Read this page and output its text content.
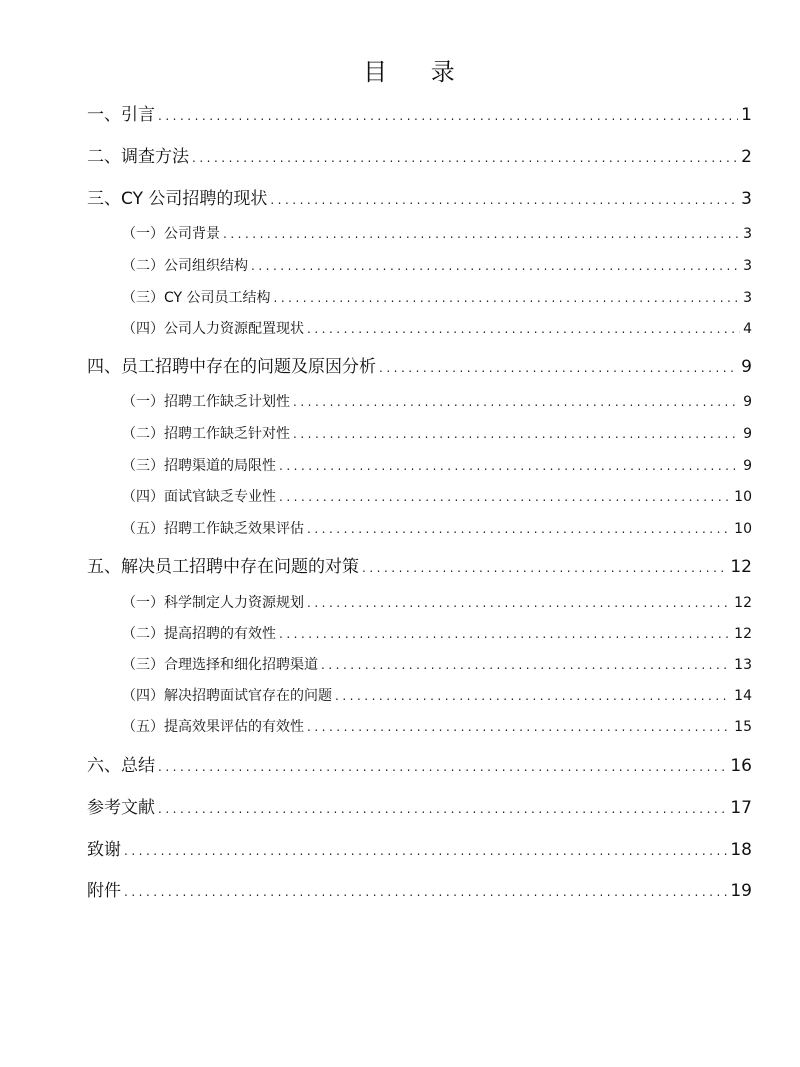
目 录
一、引言 .....	1
二、调查方法 .....	2
三、CY 公司招聘的现状 .....	3
（一）公司背景 .....	3
（二）公司组织结构 .....	3
（三）CY 公司员工结构 .....	3
（四）公司人力资源配置现状 .....	4
四、员工招聘中存在的问题及原因分析 .....	9
（一）招聘工作缺乏计划性 .....	9
（二）招聘工作缺乏针对性 .....	9
（三）招聘渠道的局限性 .....	9
（四）面试官缺乏专业性 .....	10
（五）招聘工作缺乏效果评估 .....	10
五、解决员工招聘中存在问题的对策 .....	12
（一）科学制定人力资源规划 .....	12
（二）提高招聘的有效性 .....	12
（三）合理选择和细化招聘渠道 .....	13
（四）解决招聘面试官存在的问题 .....	14
（五）提高效果评估的有效性 .....	15
六、总结 .....	16
参考文献 .....	17
致谢 .....	18
附件 .....	19
